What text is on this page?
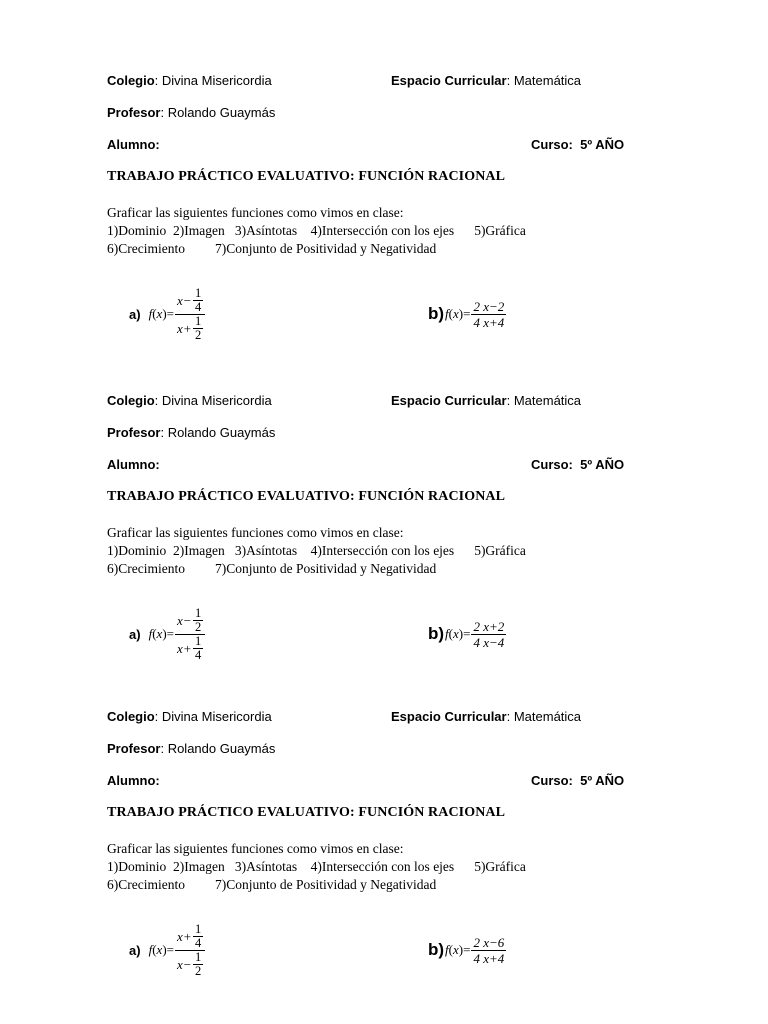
Colegio: Divina Misericordia	Espacio Curricular: Matemática
Profesor: Rolando Guaymás
Alumno:	Curso: 5º AÑO
TRABAJO PRÁCTICO EVALUATIVO: FUNCIÓN RACIONAL
Graficar las siguientes funciones como vimos en clase:
1)Dominio 2)Imagen 3)Asíntotas 4)Intersección con los ejes 5)Gráfica
6)Crecimiento 7)Conjunto de Positividad y Negatividad
a) f ( x ) = x − 1
4
x + 1
2	b) f ( x ) = $\frac{2 x-2}{4 x+4}$
Colegio: Divina Misericordia	Espacio Curricular: Matemática
Profesor: Rolando Guaymás
Alumno:	Curso: 5º AÑO
TRABAJO PRÁCTICO EVALUATIVO: FUNCIÓN RACIONAL
Graficar las siguientes funciones como vimos en clase:
1)Dominio 2)Imagen 3)Asíntotas 4)Intersección con los ejes 5)Gráfica
6)Crecimiento 7)Conjunto de Positividad y Negatividad
a) f ( x ) = x − 1
2
x + 1
4	b) f ( x ) = $\frac{2 x+2}{4 x-4}$
Colegio: Divina Misericordia	Espacio Curricular: Matemática
Profesor: Rolando Guaymás
Alumno:	Curso: 5º AÑO
TRABAJO PRÁCTICO EVALUATIVO: FUNCIÓN RACIONAL
Graficar las siguientes funciones como vimos en clase:
1)Dominio 2)Imagen 3)Asíntotas 4)Intersección con los ejes 5)Gráfica
6)Crecimiento 7)Conjunto de Positividad y Negatividad
a) f ( x ) = x + 1
4
x − 1
2	b) f ( x ) = $\frac{2 x-6}{4 x+4}$
